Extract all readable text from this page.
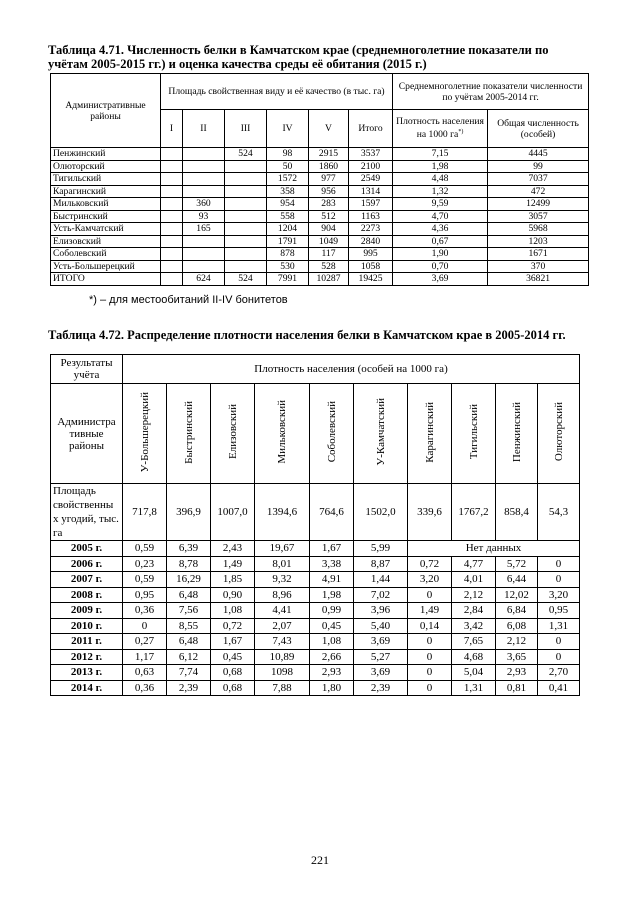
Таблица 4.71. Численность белки в Камчатском крае (среднемноголетние показатели по учётам 2005-2015 гг.) и оценка качества среды её обитания (2015 г.)
Административные районы	Площадь свойственная виду и её качество (в тыс. га)						Среднемноголетние показатели численности по учётам 2005-2014 гг.	
	I	II	III	IV	V	Итого	Плотность населения на 1000 га*)	Общая численность (особей)
Пенжинский			524	98	2915	3537	7,15	4445
Олюторский				50	1860	2100	1,98	99
Тигильский				1572	977	2549	4,48	7037
Карагинский				358	956	1314	1,32	472
Мильковский		360		954	283	1597	9,59	12499
Быстринский		93		558	512	1163	4,70	3057
Усть-Камчатский		165		1204	904	2273	4,36	5968
Елизовский				1791	1049	2840	0,67	1203
Соболевский				878	117	995	1,90	1671
Усть-Большерецкий				530	528	1058	0,70	370
ИТОГО		624	524	7991	10287	19425	3,69	36821
*) – для местообитаний II-IV бонитетов
Таблица 4.72. Распределение плотности населения белки в Камчатском крае в 2005-2014 гг.
Результаты учёта	Плотность населения (особей на 1000 га)									
Администра тивные районы	У-Большерецкий	Быстринский	Елизовский	Мильковский	Соболевский	У-Камчатский	Карагинский	Тигильский	Пенжинский	Олюторский
Площадь свойственны х угодий, тыс. га	717,8	396,9	1007,0	1394,6	764,6	1502,0	339,6	1767,2	858,4	54,3
2005 г.	0,59	6,39	2,43	19,67	1,67	5,99	Нет данных			
2006 г.	0,23	8,78	1,49	8,01	3,38	8,87	0,72	4,77	5,72	0
2007 г.	0,59	16,29	1,85	9,32	4,91	1,44	3,20	4,01	6,44	0
2008 г.	0,95	6,48	0,90	8,96	1,98	7,02	0	2,12	12,02	3,20
2009 г.	0,36	7,56	1,08	4,41	0,99	3,96	1,49	2,84	6,84	0,95
2010 г.	0	8,55	0,72	2,07	0,45	5,40	0,14	3,42	6,08	1,31
2011 г.	0,27	6,48	1,67	7,43	1,08	3,69	0	7,65	2,12	0
2012 г.	1,17	6,12	0,45	10,89	2,66	5,27	0	4,68	3,65	0
2013 г.	0,63	7,74	0,68	1098	2,93	3,69	0	5,04	2,93	2,70
2014 г.	0,36	2,39	0,68	7,88	1,80	2,39	0	1,31	0,81	0,41
221
